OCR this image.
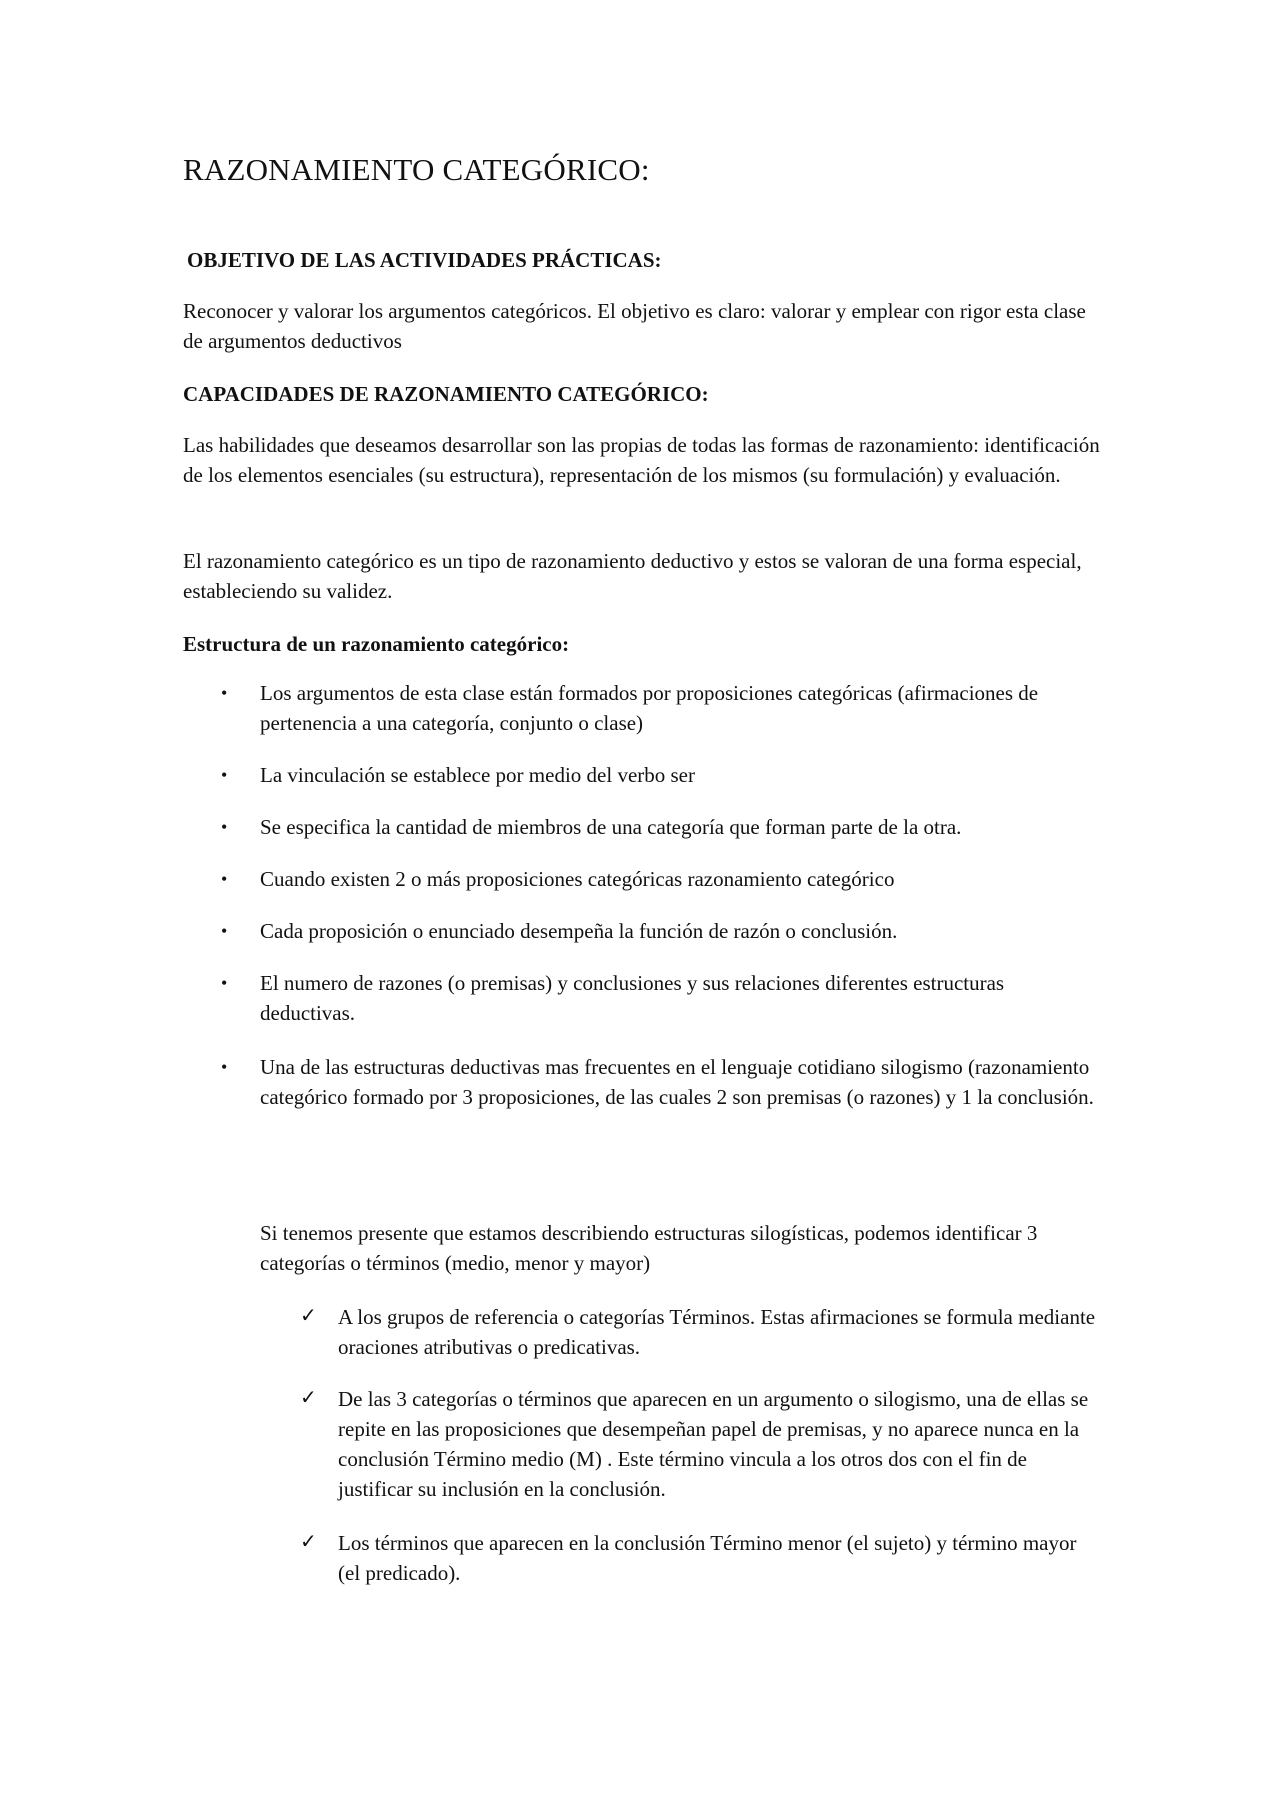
RAZONAMIENTO CATEGÓRICO:
OBJETIVO DE LAS ACTIVIDADES PRÁCTICAS:

Reconocer y valorar los argumentos categóricos. El objetivo es claro: valorar y emplear con rigor esta clase de argumentos deductivos

CAPACIDADES DE RAZONAMIENTO CATEGÓRICO:

Las habilidades que deseamos desarrollar son las propias de todas las formas de razonamiento: identificación de los elementos esenciales (su estructura), representación de los mismos (su formulación) y evaluación.

El razonamiento categórico es un tipo de razonamiento deductivo y estos se valoran de una forma especial, estableciendo su validez.

Estructura de un razonamiento categórico:
• Los argumentos de esta clase están formados por proposiciones categóricas (afirmaciones de pertenencia a una categoría, conjunto o clase)
• La vinculación se establece por medio del verbo ser
• Se especifica la cantidad de miembros de una categoría que forman parte de la otra.
• Cuando existen 2 o más proposiciones categóricas razonamiento categórico
• Cada proposición o enunciado desempeña la función de razón o conclusión.
• El numero de razones (o premisas) y conclusiones y sus relaciones diferentes estructuras deductivas.
• Una de las estructuras deductivas mas frecuentes en el lenguaje cotidiano silogismo (razonamiento categórico formado por 3 proposiciones, de las cuales 2 son premisas (o razones) y 1 la conclusión.

Si tenemos presente que estamos describiendo estructuras silogísticas, podemos identificar 3 categorías o términos (medio, menor y mayor)

✓ A los grupos de referencia o categorías Términos. Estas afirmaciones se formula mediante oraciones atributivas o predicativas.
✓ De las 3 categorías o términos que aparecen en un argumento o silogismo, una de ellas se repite en las proposiciones que desempeñan papel de premisas, y no aparece nunca en la conclusión Término medio (M) . Este término vincula a los otros dos con el fin de justificar su inclusión en la conclusión.
✓ Los términos que aparecen en la conclusión Término menor (el sujeto) y término mayor (el predicado).
